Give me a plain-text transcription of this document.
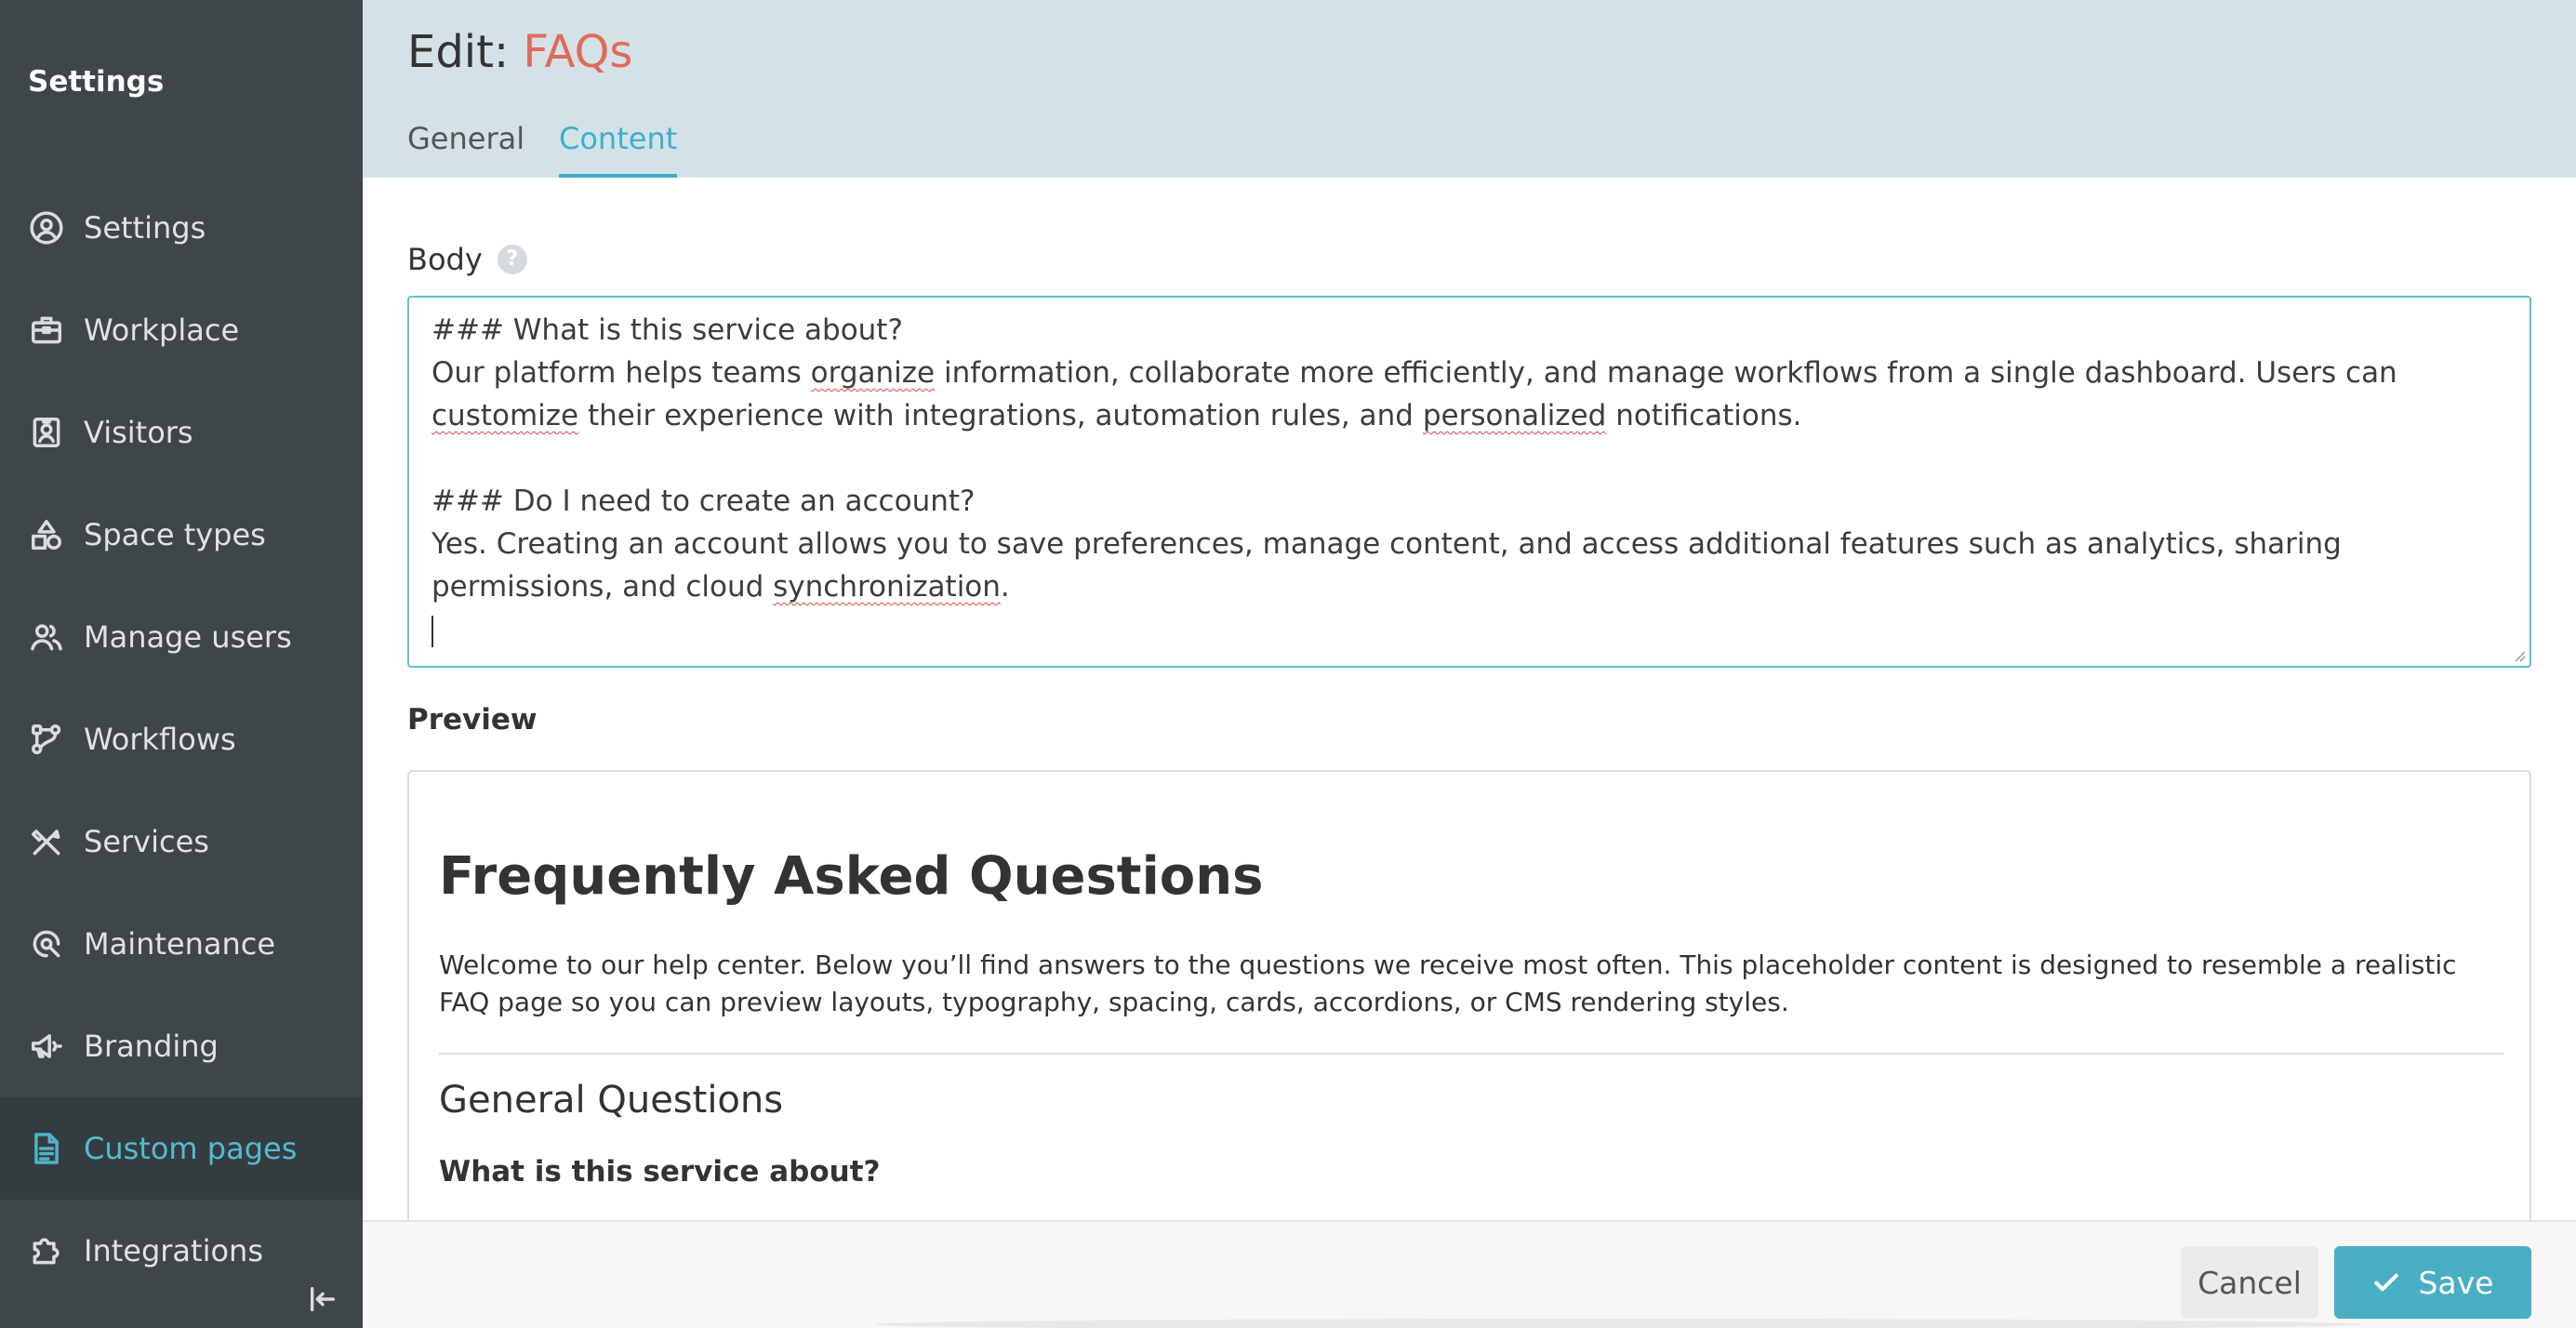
Settings
Settings
Workplace
Visitors
Space types
Manage users
Workflows
Services
Maintenance
Branding
Custom pages
Integrations
Edit: FAQs
General Content
Body	?
### What is this service about?
Our platform helps teams organize information, collaborate more efficiently, and manage workflows from a single dashboard. Users can customize their experience with integrations, automation rules, and personalized notifications.

### Do I need to create an account?
Yes. Creating an account allows you to save preferences, manage content, and access additional features such as analytics, sharing permissions, and cloud synchronization.

Preview
Frequently Asked Questions
Welcome to our help center. Below you’ll find answers to the questions we receive most often. This placeholder content is designed to resemble a realistic FAQ page so you can preview layouts, typography, spacing, cards, accordions, or CMS rendering styles.
General Questions
What is this service about?
Cancel	Save
